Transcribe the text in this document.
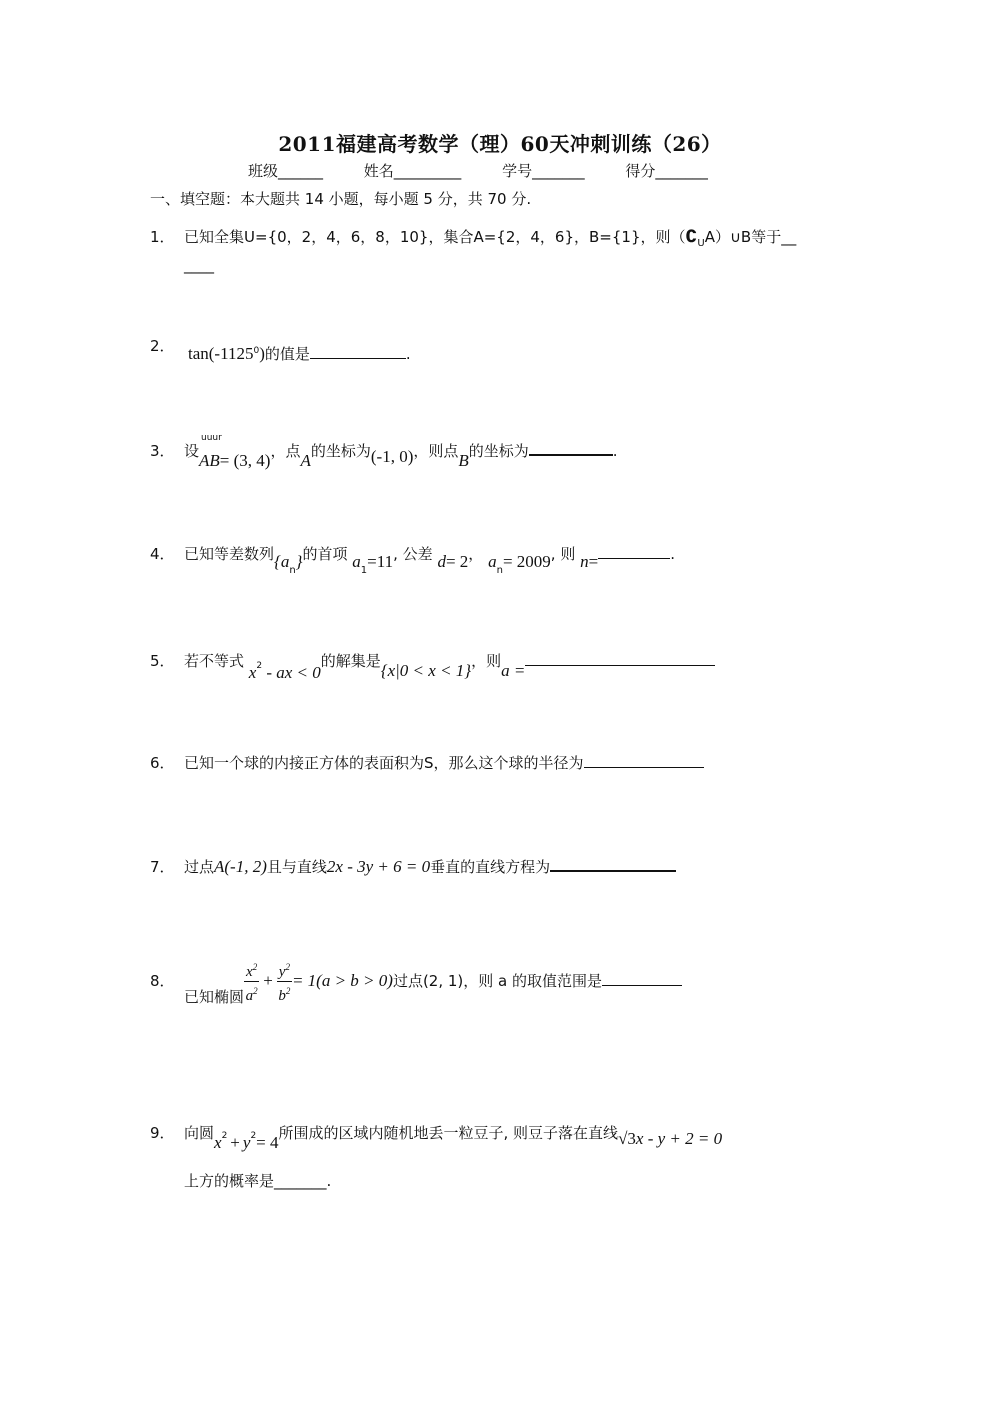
2011福建高考数学（理）60天冲刺训练（26）
班级______	姓名_________	学号_______	得分_______
一、填空题：本大题共 14 小题，每小题 5 分，共 70 分.
1． 已知全集U={0，2，4，6，8，10}，集合A={2，4，6}，B={1}，则$(∁_UA)\cup B$等于__
____
2． tan(-1125$^0$)的值是	.
3． 设
uuur
AB= (3, 4)，点A的坐标为(-1, 0)，则点B的坐标为	.
4． 已知等差数列$\{a_n\}$的首项 $a_1=11$, 公差 d= 2， $a_n= 2009$, 则 n=	.
5． 若不等式 $x^2$ - ax < 0的解集是{x|0 < x < 1}，则a =
6． 已知一个球的内接正方体的表面积为S，那么这个球的半径为
7． 过点A(-1, 2)且与直线2x - 3y + 6 = 0垂直的直线方程为
8．已知椭圆 $\frac{x^2}{a^2} + \frac{y^2}{b^2} = 1(a > b > 0)$过点(2, 1)，则 a 的取值范围是
9． 向圆$x^2 + y^2= 4$所围成的区域内随机地丢一粒豆子, 则豆子落在直线√3x - y + 2 = 0
上方的概率是_______.
